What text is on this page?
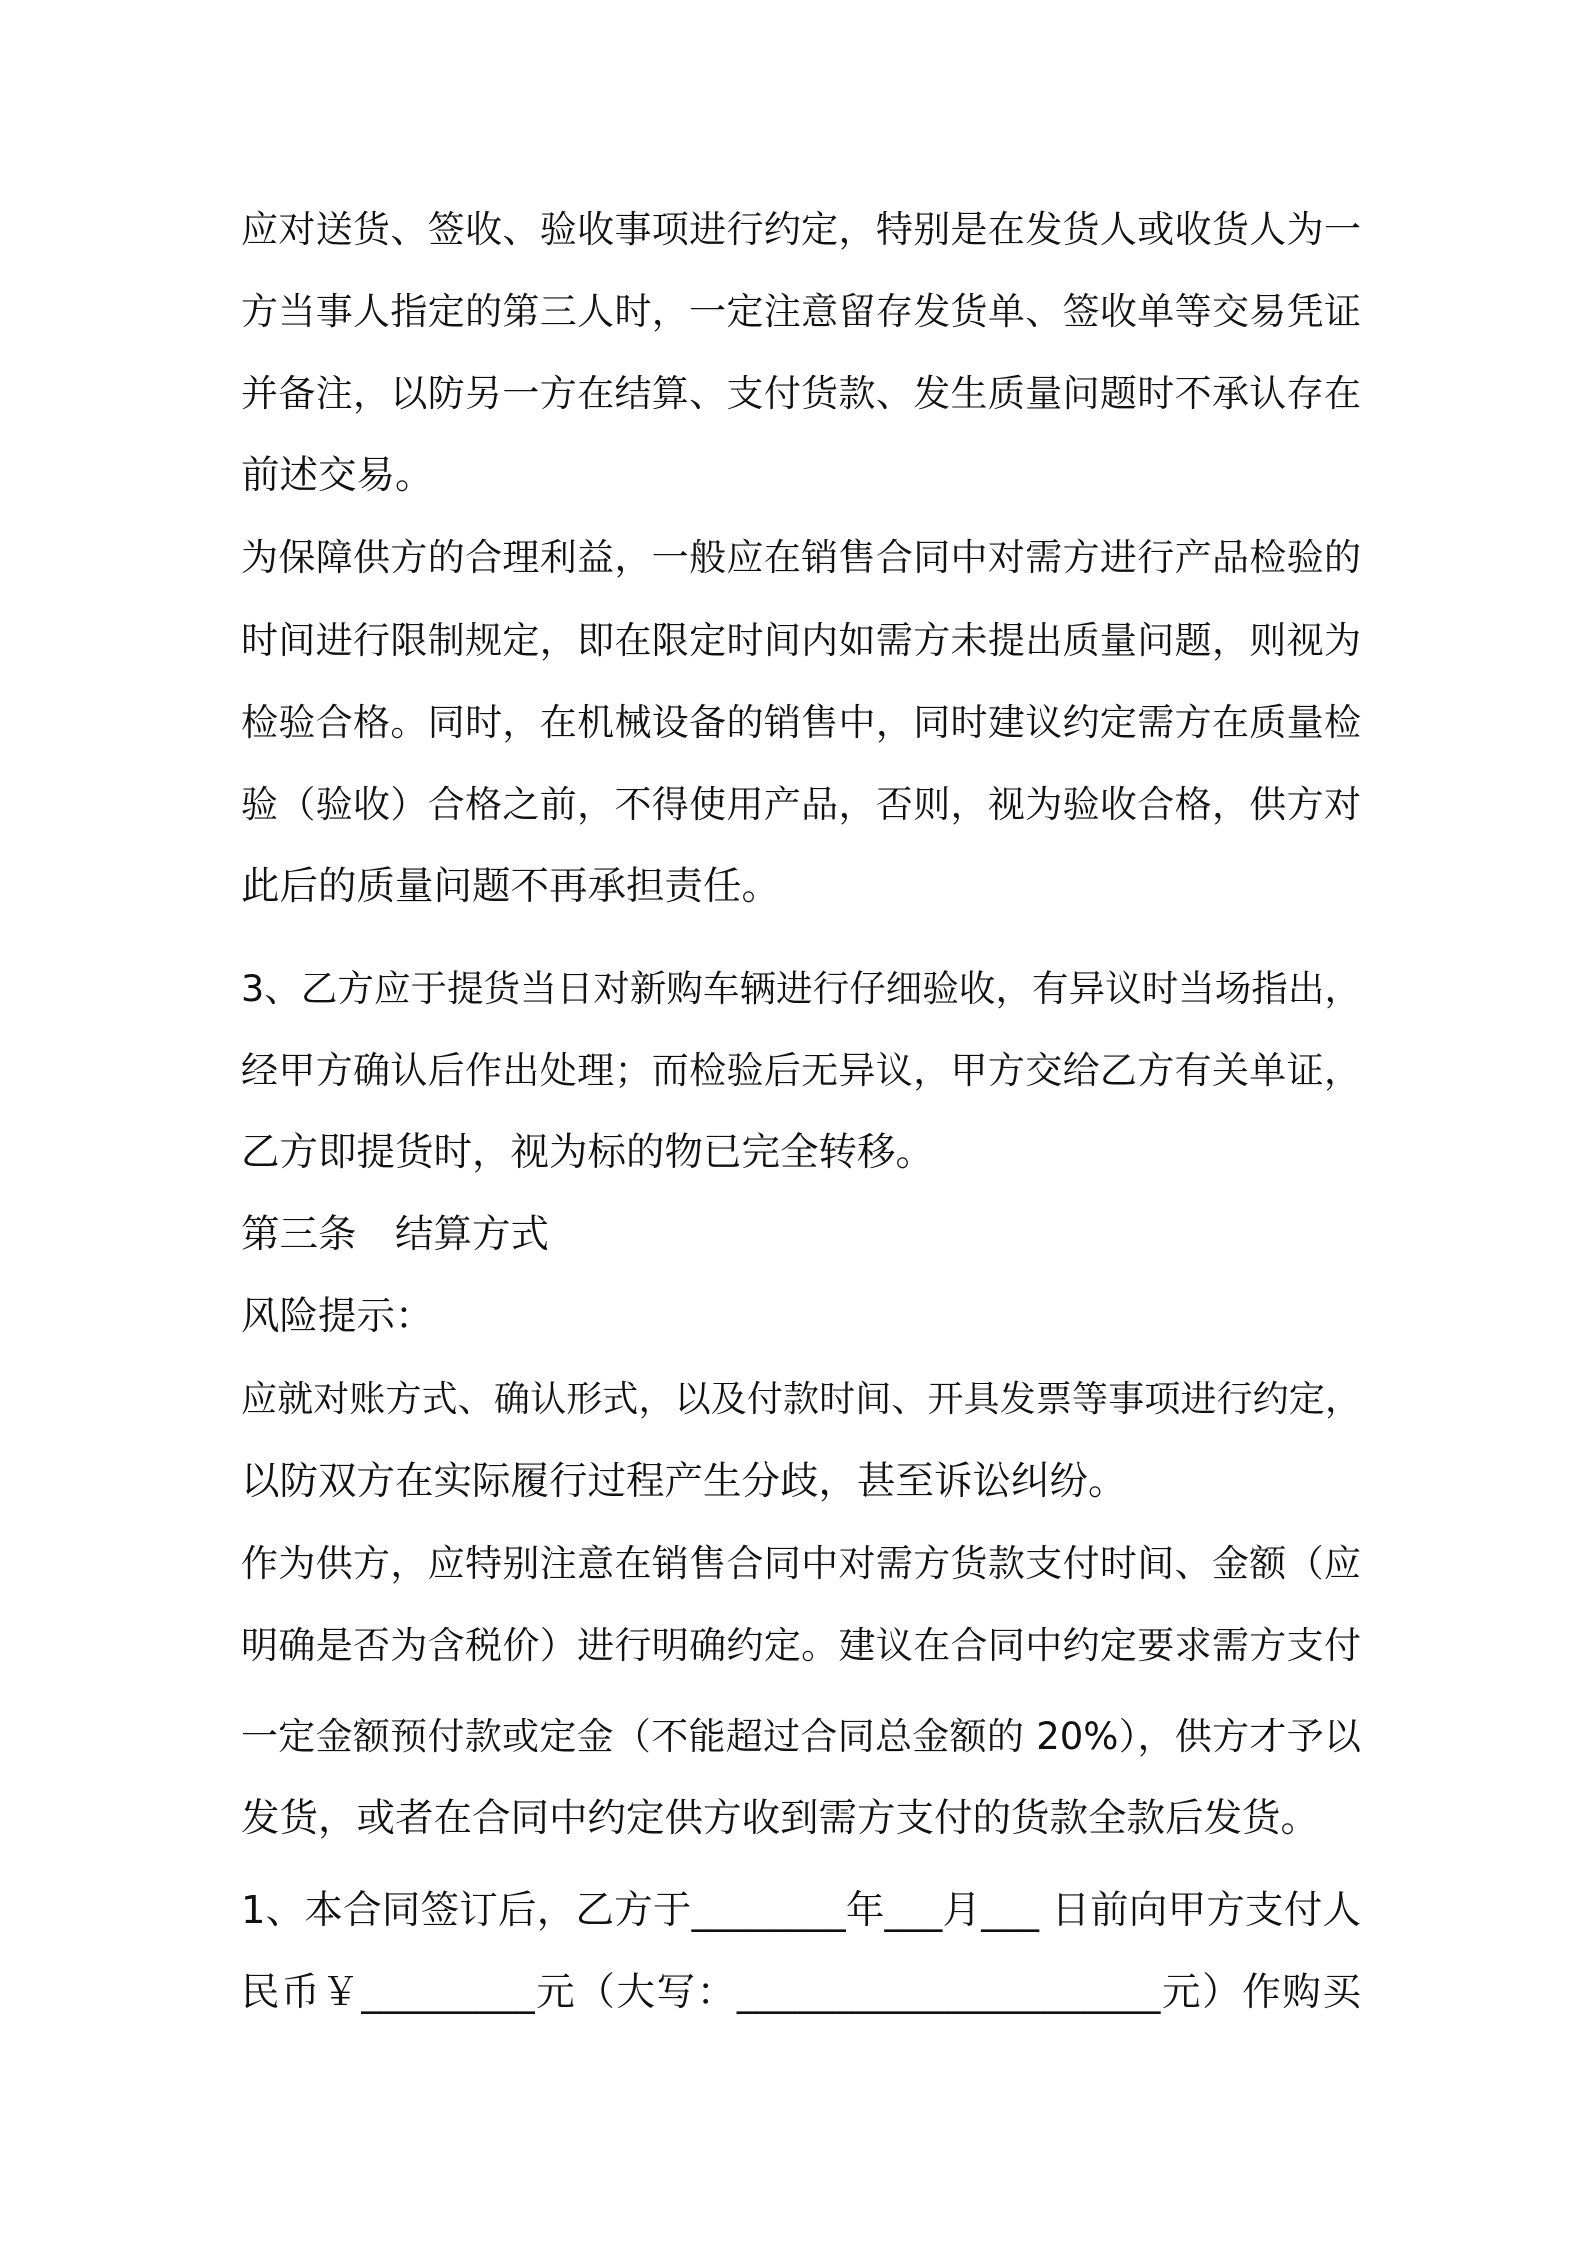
应对送货、签收、验收事项进行约定，特别是在发货人或收货人为一
方当事人指定的第三人时，一定注意留存发货单、签收单等交易凭证
并备注，以防另一方在结算、支付货款、发生质量问题时不承认存在
前述交易。
为保障供方的合理利益，一般应在销售合同中对需方进行产品检验的
时间进行限制规定，即在限定时间内如需方未提出质量问题，则视为
检验合格。同时，在机械设备的销售中，同时建议约定需方在质量检
验（验收）合格之前，不得使用产品，否则，视为验收合格，供方对
此后的质量问题不再承担责任。
3、乙方应于提货当日对新购车辆进行仔细验收，有异议时当场指出，
经甲方确认后作出处理；而检验后无异议，甲方交给乙方有关单证，
乙方即提货时，视为标的物已完全转移。
第三条　结算方式
风险提示：
应就对账方式、确认形式，以及付款时间、开具发票等事项进行约定，
以防双方在实际履行过程产生分歧，甚至诉讼纠纷。
作为供方，应特别注意在销售合同中对需方货款支付时间、金额（应
明确是否为含税价）进行明确约定。建议在合同中约定要求需方支付
一定金额预付款或定金（不能超过合同总金额的 20%），供方才予以
发货，或者在合同中约定供方收到需方支付的货款全款后发货。
1、本合同签订后，乙方于________年___月___ 日前向甲方支付人
民币￥_________元（大写：______________________元）作购买
